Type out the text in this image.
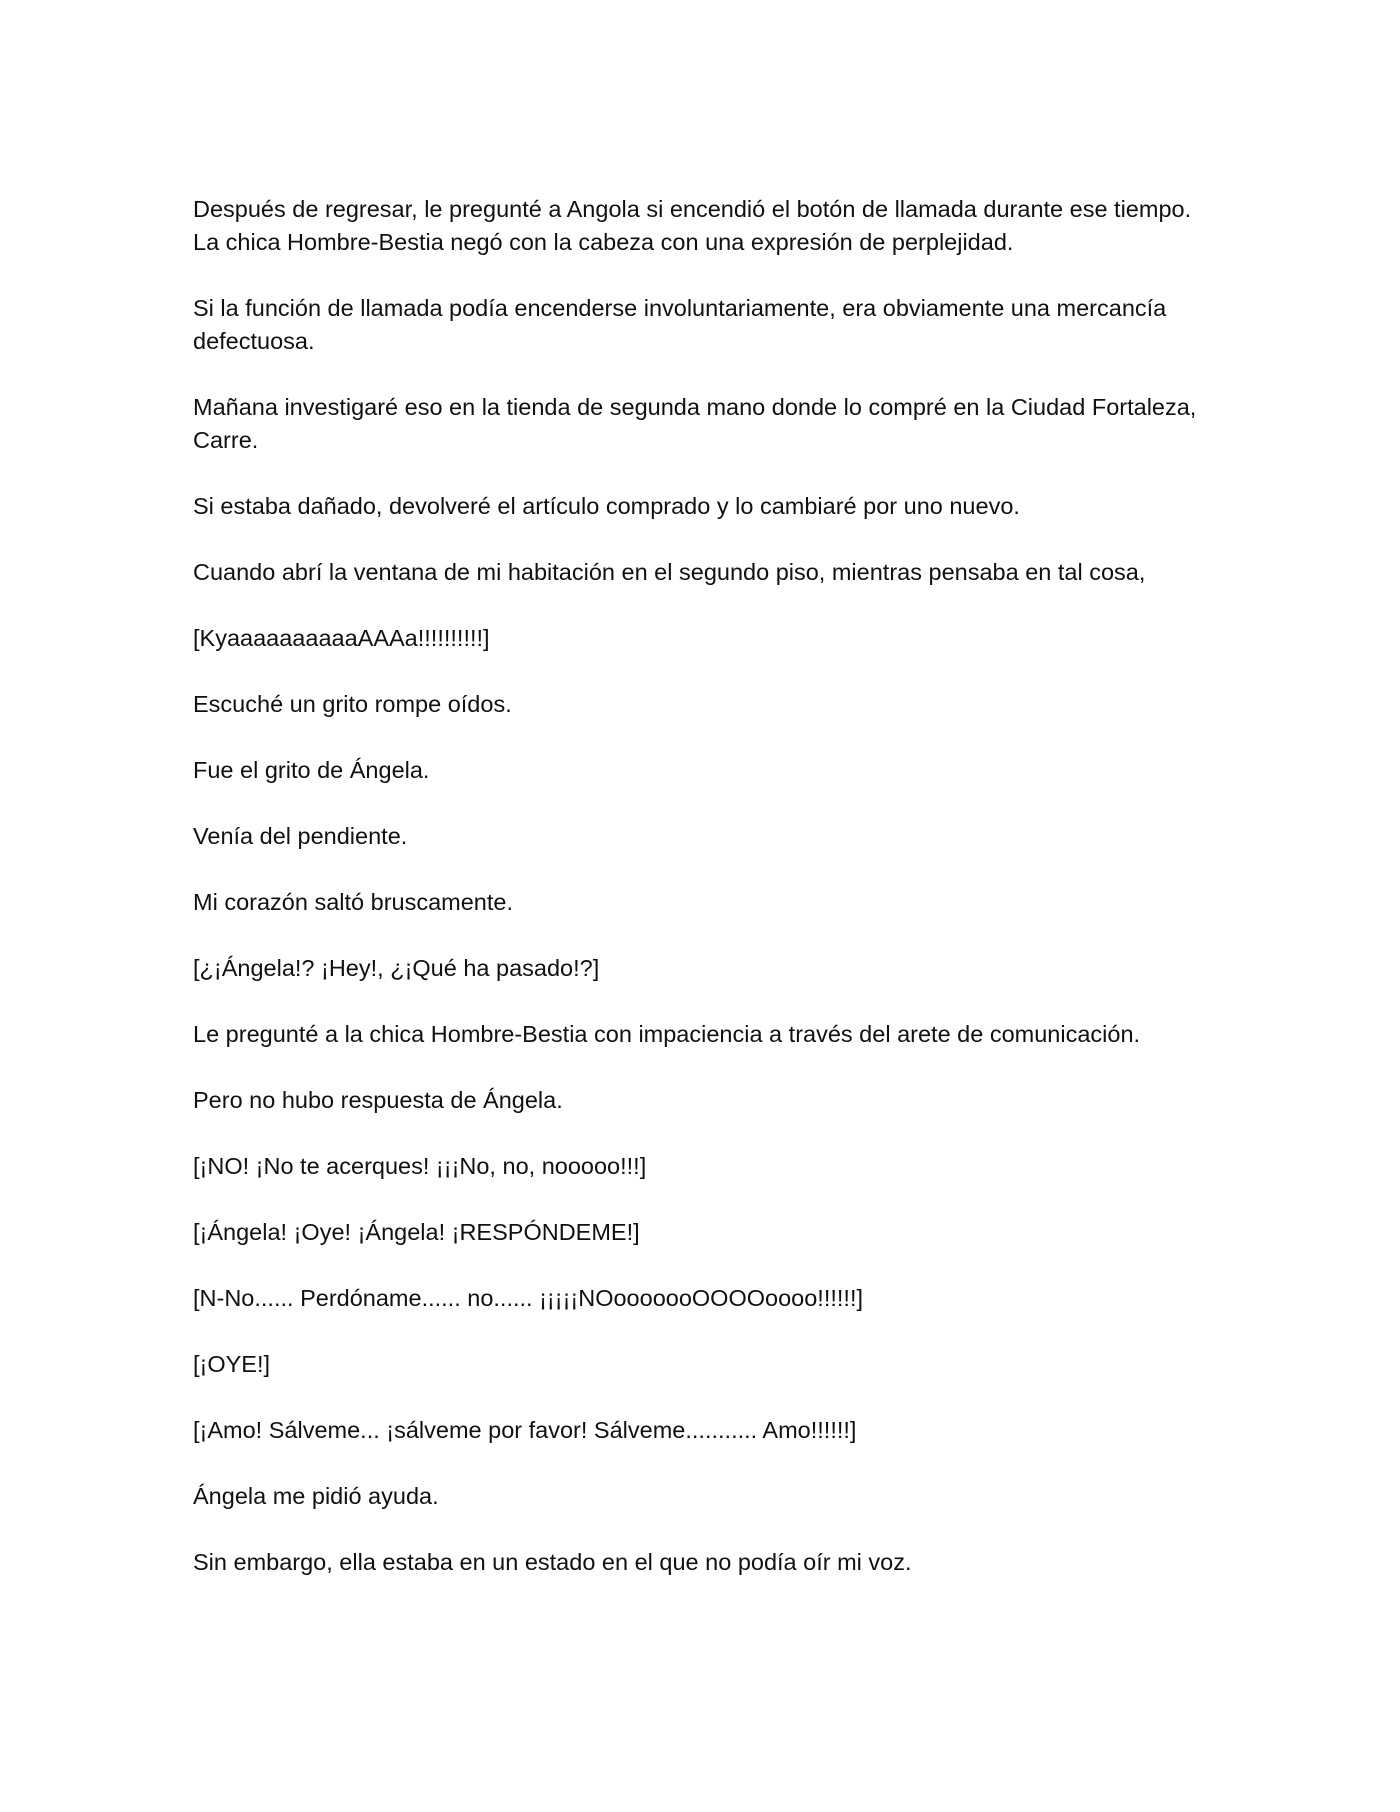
Después de regresar, le pregunté a Angola si encendió el botón de llamada durante ese tiempo. La chica Hombre-Bestia negó con la cabeza con una expresión de perplejidad.

Si la función de llamada podía encenderse involuntariamente, era obviamente una mercancía defectuosa.

Mañana investigaré eso en la tienda de segunda mano donde lo compré en la Ciudad Fortaleza, Carre.

Si estaba dañado, devolveré el artículo comprado y lo cambiaré por uno nuevo.

Cuando abrí la ventana de mi habitación en el segundo piso, mientras pensaba en tal cosa,

[KyaaaaaaaaaaAAAa!!!!!!!!!!]

Escuché un grito rompe oídos.

Fue el grito de Ángela.

Venía del pendiente.

Mi corazón saltó bruscamente.

[¿¡Ángela!? ¡Hey!, ¿¡Qué ha pasado!?]

Le pregunté a la chica Hombre-Bestia con impaciencia a través del arete de comunicación.

Pero no hubo respuesta de Ángela.

[¡NO! ¡No te acerques! ¡¡¡No, no, nooooo!!!]

[¡Ángela! ¡Oye! ¡Ángela! ¡RESPÓNDEME!]

[N-No...... Perdóname...... no...... ¡¡¡¡¡NOooooooOOOOoooo!!!!!!]

[¡OYE!]

[¡Amo! Sálveme... ¡sálveme por favor! Sálveme........... Amo!!!!!!]

Ángela me pidió ayuda.

Sin embargo, ella estaba en un estado en el que no podía oír mi voz.
